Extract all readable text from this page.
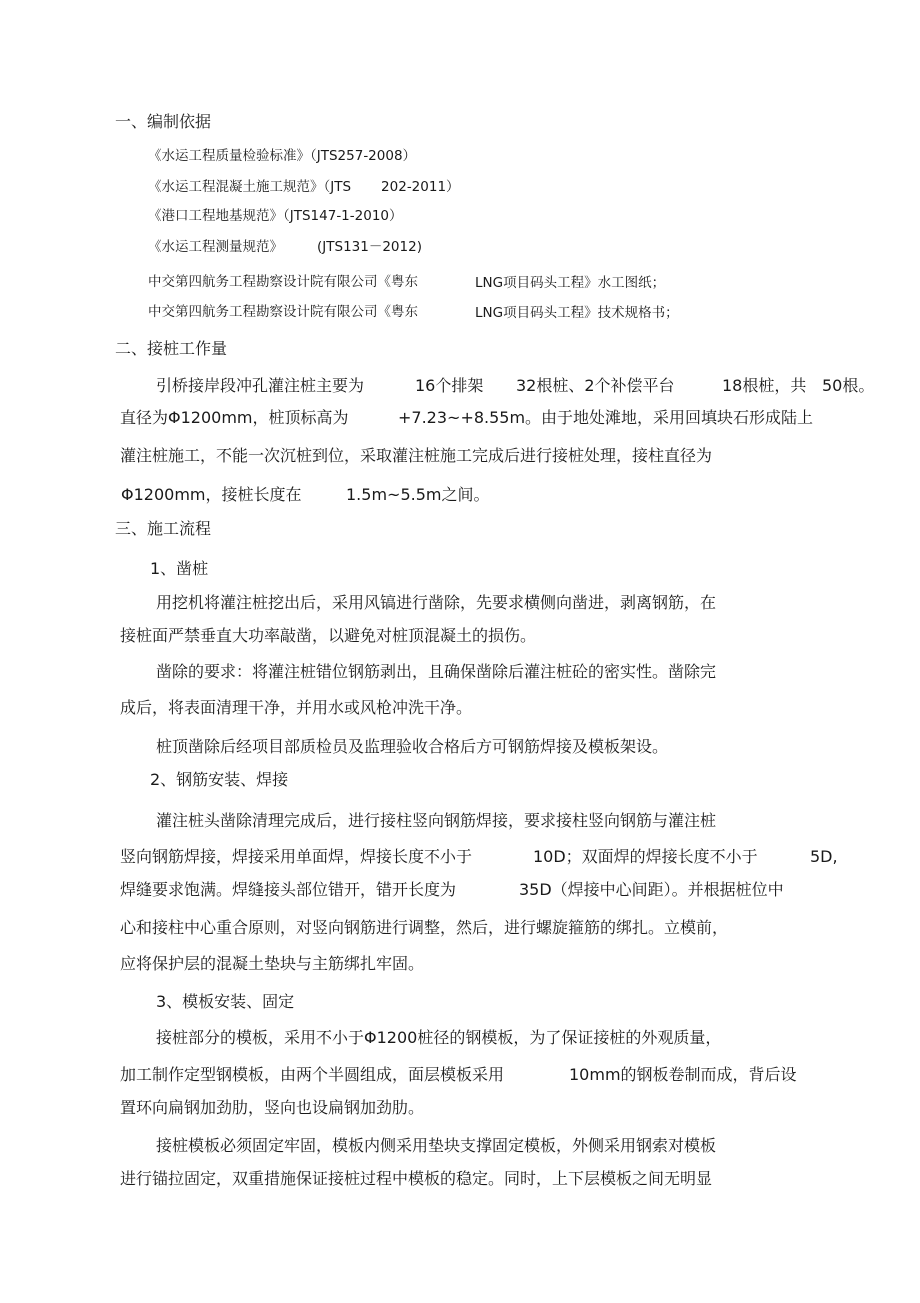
一、编制依据
《水运工程质量检验标准》（JTS257-2008）
《水运工程混凝土施工规范》（JTS 202-2011）
《港口工程地基规范》（JTS147-1-2010）
《水运工程测量规范》	(JTS131－2012)
中交第四航务工程勘察设计院有限公司《粤东	LNG项目码头工程》水工图纸；
中交第四航务工程勘察设计院有限公司《粤东	LNG项目码头工程》技术规格书；
二、接桩工作量
引桥接岸段冲孔灌注桩主要为	16个排架 32根桩、2个补偿平台	18根桩，共 50根。
直径为Φ1200mm，桩顶标高为	+7.23~+8.55m。由于地处滩地，采用回填块石形成陆上
灌注桩施工，不能一次沉桩到位，采取灌注桩施工完成后进行接桩处理，接柱直径为
Φ1200mm，接桩长度在	1.5m~5.5m之间。
三、施工流程
1、凿桩
用挖机将灌注桩挖出后，采用风镐进行凿除，先要求横侧向凿进，剥离钢筋，在
接桩面严禁垂直大功率敲凿，以避免对桩顶混凝土的损伤。
凿除的要求：将灌注桩错位钢筋剥出，且确保凿除后灌注桩砼的密实性。凿除完
成后，将表面清理干净，并用水或风枪冲洗干净。
桩顶凿除后经项目部质检员及监理验收合格后方可钢筋焊接及模板架设。
2、钢筋安装、焊接
灌注桩头凿除清理完成后，进行接柱竖向钢筋焊接，要求接柱竖向钢筋与灌注桩
竖向钢筋焊接，焊接采用单面焊，焊接长度不小于	10D；双面焊的焊接长度不小于	5D,
焊缝要求饱满。焊缝接头部位错开，错开长度为	35D（焊接中心间距）。并根据桩位中
心和接柱中心重合原则，对竖向钢筋进行调整，然后，进行螺旋箍筋的绑扎。立模前，
应将保护层的混凝土垫块与主筋绑扎牢固。
3、模板安装、固定
接桩部分的模板，采用不小于Φ1200桩径的钢模板，为了保证接桩的外观质量，
加工制作定型钢模板，由两个半圆组成，面层模板采用	10mm的钢板卷制而成，背后设
置环向扁钢加劲肋，竖向也设扁钢加劲肋。
接桩模板必须固定牢固，模板内侧采用垫块支撑固定模板，外侧采用钢索对模板
进行锚拉固定，双重措施保证接桩过程中模板的稳定。同时，上下层模板之间无明显
